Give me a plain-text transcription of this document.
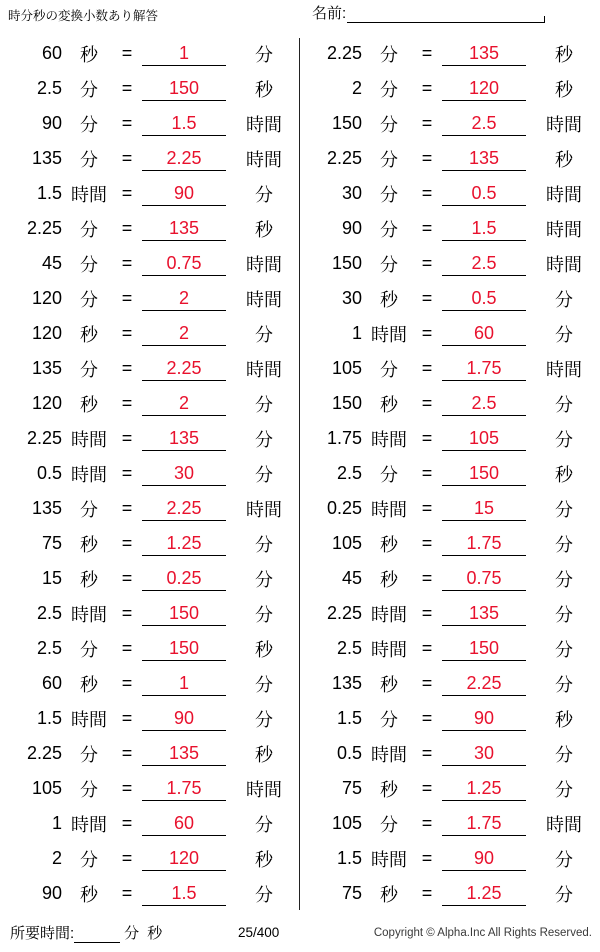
時分秒の変換小数あり解答	名前:
60	秒	=	1	分
2.5	分	=	150	秒
90	分	=	1.5	時間
135	分	=	2.25	時間
1.5 時間 =	90	分
2.25	分	=	135	秒
45	分	=	0.75	時間
120	分	=	2	時間
120	秒	=	2	分
135	分	=	2.25	時間
120	秒	=	2	分
2.25 時間 =	135	分
0.5 時間 =	30	分
135	分	=	2.25	時間
75	秒	=	1.25	分
15	秒	=	0.25	分
2.5 時間 =	150	分
2.5	分	=	150	秒
60	秒	=	1	分
1.5 時間 =	90	分
2.25	分	=	135	秒
105	分	=	1.75	時間
1 時間 =	60	分
2	分	=	120	秒
90	秒	=	1.5	分
2.25	分	=	135	秒
2	分	=	120	秒
150	分	=	2.5	時間
2.25	分	=	135	秒
30	分	=	0.5	時間
90	分	=	1.5	時間
150	分	=	2.5	時間
30	秒	=	0.5	分
1 時間 =	60	分
105	分	=	1.75	時間
150	秒	=	2.5	分
1.75 時間 =	105	分
2.5	分	=	150	秒
0.25 時間 =	15	分
105	秒	=	1.75	分
45	秒	=	0.75	分
2.25 時間 =	135	分
2.5 時間 =	150	分
135	秒	=	2.25	分
1.5	分	=	90	秒
0.5 時間 =	30	分
75	秒	=	1.25	分
105	分	=	1.75	時間
1.5 時間 =	90	分
75	秒	=	1.25	分
所要時間:	分 秒	25/400	Copyright © Alpha.Inc All Rights Reserved.
